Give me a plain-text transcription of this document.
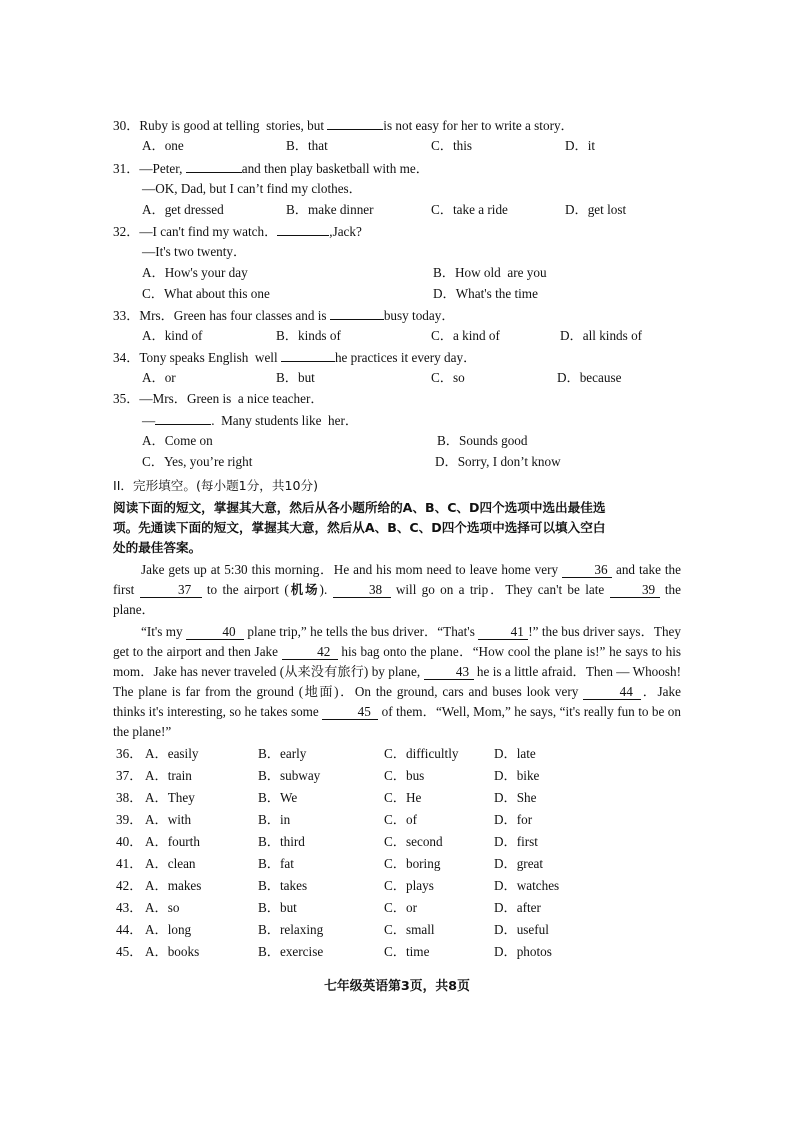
30．Ruby is good at telling  stories, but	is not easy for her to write a story．
A．one	B．that	C．this	D．it
31．—Peter,	and then play basketball with me．
—OK, Dad, but I can’t find my clothes．
A．get dressed	B．make dinner	C．take a ride	D．get lost
32．—I can't find my watch．	,Jack?
—It's two twenty．
A．How's your day	B．How old  are you
C．What about this one	D．What's the time
33．Mrs．Green has four classes and is	busy today．
A．kind of	B．kinds of	C．a kind of	D．all kinds of
34．Tony speaks English  well	he practices it every day．
A．or	B．but	C．so	D．because
35．—Mrs．Green is  a nice teacher．
—	.  Many students like  her．
A．Come on	B．Sounds good
C．Yes, you’re right	D．Sorry, I don’t know
II．完形填空。(每小题1分，共10分)
阅读下面的短文，掌握其大意，然后从各小题所给的A、B、C、D四个选项中选出最佳选
项。先通读下面的短文，掌握其大意，然后从A、B、C、D四个选项中选择可以填入空白
处的最佳答案。
Jake gets up at 5:30 this morning．He and his mom need to leave home very 36 and take the first	37 to the airport (机场).	38 will go on a trip．They can't be late 39 the plane．
“It's my	40 plane trip,” he tells the bus driver．“That's 41 !” the bus driver says．They get to the airport and then Jake	42 his bag onto the plane．“How cool the plane is!” he says to his mom．Jake has never traveled (从来没有旅行) by plane, 43 he is a little afraid．Then — Whoosh! The plane is far from the ground (地面)．On the ground, cars and buses look very	44 ．Jake thinks it's interesting, so he takes some	45 of them．“Well, Mom,” he says, “it's really fun to be on the plane!”
36． A．easily	B．early	C．difficultly	D．late
37． A．train	B．subway	C．bus	D．bike
38． A．They	B．We	C．He	D．She
39． A．with	B．in	C．of	D．for
40． A．fourth	B．third	C．second	D．first
41． A．clean	B．fat	C．boring	D．great
42． A．makes	B．takes	C．plays	D．watches
43． A．so	B．but	C．or	D．after
44． A．long	B．relaxing	C．small	D．useful
45． A．books	B．exercise	C．time	D．photos
七年级英语第3页，共8页
